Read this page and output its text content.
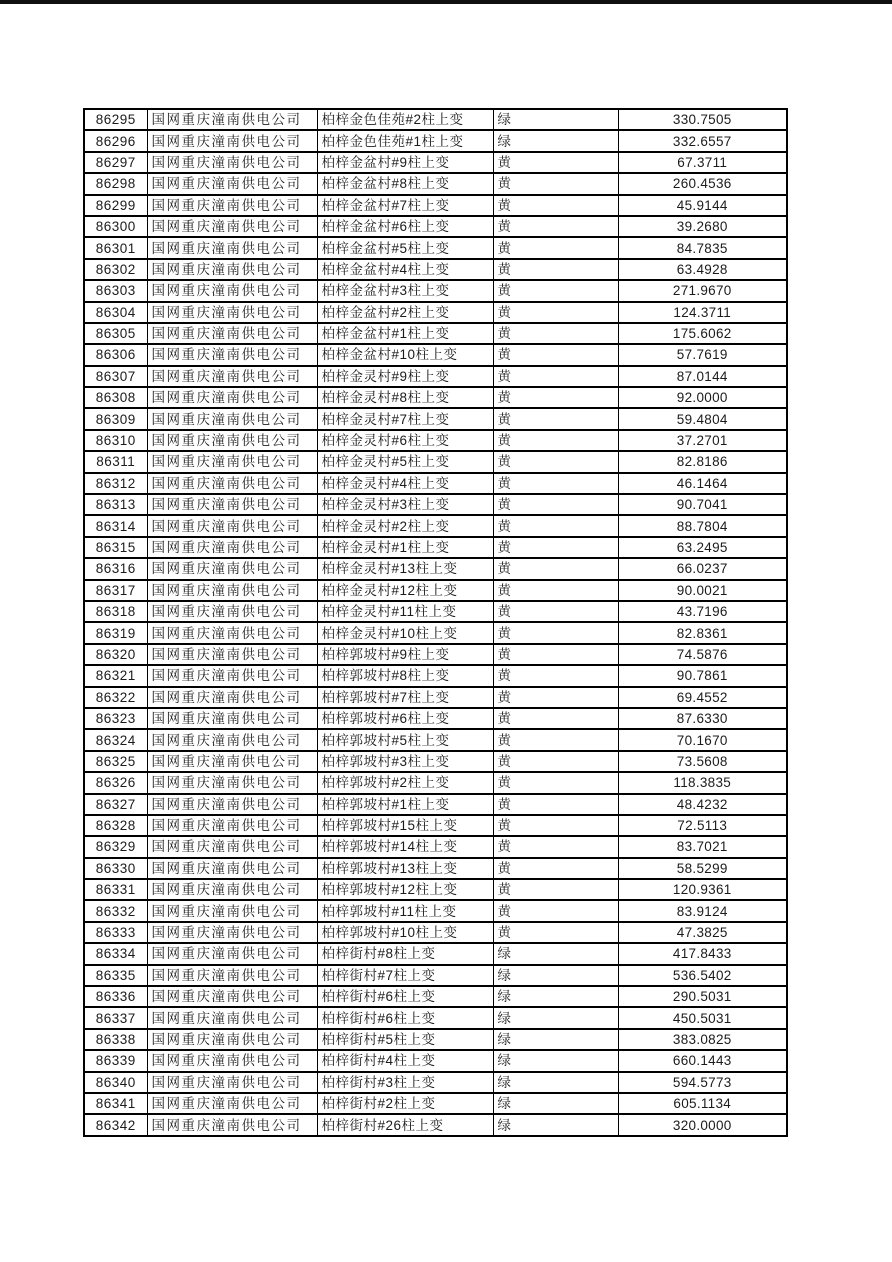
86295	国网重庆潼南供电公司	柏梓金色佳苑#2柱上变	绿	330.7505
86296	国网重庆潼南供电公司	柏梓金色佳苑#1柱上变	绿	332.6557
86297	国网重庆潼南供电公司	柏梓金盆村#9柱上变	黄	67.3711
86298	国网重庆潼南供电公司	柏梓金盆村#8柱上变	黄	260.4536
86299	国网重庆潼南供电公司	柏梓金盆村#7柱上变	黄	45.9144
86300	国网重庆潼南供电公司	柏梓金盆村#6柱上变	黄	39.2680
86301	国网重庆潼南供电公司	柏梓金盆村#5柱上变	黄	84.7835
86302	国网重庆潼南供电公司	柏梓金盆村#4柱上变	黄	63.4928
86303	国网重庆潼南供电公司	柏梓金盆村#3柱上变	黄	271.9670
86304	国网重庆潼南供电公司	柏梓金盆村#2柱上变	黄	124.3711
86305	国网重庆潼南供电公司	柏梓金盆村#1柱上变	黄	175.6062
86306	国网重庆潼南供电公司	柏梓金盆村#10柱上变	黄	57.7619
86307	国网重庆潼南供电公司	柏梓金灵村#9柱上变	黄	87.0144
86308	国网重庆潼南供电公司	柏梓金灵村#8柱上变	黄	92.0000
86309	国网重庆潼南供电公司	柏梓金灵村#7柱上变	黄	59.4804
86310	国网重庆潼南供电公司	柏梓金灵村#6柱上变	黄	37.2701
86311	国网重庆潼南供电公司	柏梓金灵村#5柱上变	黄	82.8186
86312	国网重庆潼南供电公司	柏梓金灵村#4柱上变	黄	46.1464
86313	国网重庆潼南供电公司	柏梓金灵村#3柱上变	黄	90.7041
86314	国网重庆潼南供电公司	柏梓金灵村#2柱上变	黄	88.7804
86315	国网重庆潼南供电公司	柏梓金灵村#1柱上变	黄	63.2495
86316	国网重庆潼南供电公司	柏梓金灵村#13柱上变	黄	66.0237
86317	国网重庆潼南供电公司	柏梓金灵村#12柱上变	黄	90.0021
86318	国网重庆潼南供电公司	柏梓金灵村#11柱上变	黄	43.7196
86319	国网重庆潼南供电公司	柏梓金灵村#10柱上变	黄	82.8361
86320	国网重庆潼南供电公司	柏梓郭坡村#9柱上变	黄	74.5876
86321	国网重庆潼南供电公司	柏梓郭坡村#8柱上变	黄	90.7861
86322	国网重庆潼南供电公司	柏梓郭坡村#7柱上变	黄	69.4552
86323	国网重庆潼南供电公司	柏梓郭坡村#6柱上变	黄	87.6330
86324	国网重庆潼南供电公司	柏梓郭坡村#5柱上变	黄	70.1670
86325	国网重庆潼南供电公司	柏梓郭坡村#3柱上变	黄	73.5608
86326	国网重庆潼南供电公司	柏梓郭坡村#2柱上变	黄	118.3835
86327	国网重庆潼南供电公司	柏梓郭坡村#1柱上变	黄	48.4232
86328	国网重庆潼南供电公司	柏梓郭坡村#15柱上变	黄	72.5113
86329	国网重庆潼南供电公司	柏梓郭坡村#14柱上变	黄	83.7021
86330	国网重庆潼南供电公司	柏梓郭坡村#13柱上变	黄	58.5299
86331	国网重庆潼南供电公司	柏梓郭坡村#12柱上变	黄	120.9361
86332	国网重庆潼南供电公司	柏梓郭坡村#11柱上变	黄	83.9124
86333	国网重庆潼南供电公司	柏梓郭坡村#10柱上变	黄	47.3825
86334	国网重庆潼南供电公司	柏梓街村#8柱上变	绿	417.8433
86335	国网重庆潼南供电公司	柏梓街村#7柱上变	绿	536.5402
86336	国网重庆潼南供电公司	柏梓街村#6柱上变	绿	290.5031
86337	国网重庆潼南供电公司	柏梓街村#6柱上变	绿	450.5031
86338	国网重庆潼南供电公司	柏梓街村#5柱上变	绿	383.0825
86339	国网重庆潼南供电公司	柏梓街村#4柱上变	绿	660.1443
86340	国网重庆潼南供电公司	柏梓街村#3柱上变	绿	594.5773
86341	国网重庆潼南供电公司	柏梓街村#2柱上变	绿	605.1134
86342	国网重庆潼南供电公司	柏梓街村#26柱上变	绿	320.0000
